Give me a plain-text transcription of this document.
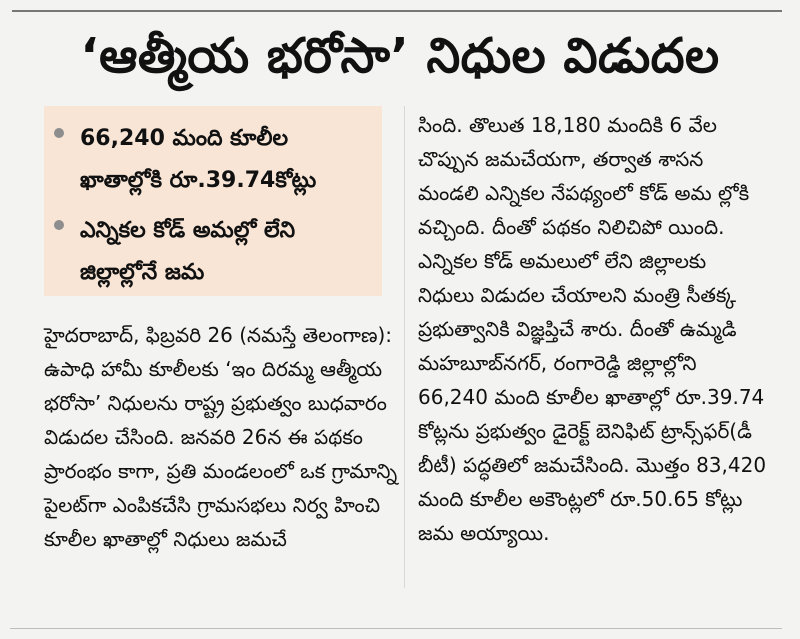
‘ఆత్మీయ భరోసా’ నిధుల విడుదల
66,240 మంది కూలీల ఖాతాల్లోకి రూ.39.74కోట్లు
ఎన్నికల కోడ్ అమల్లో లేని జిల్లాల్లోనే జమ
హైదరాబాద్, ఫిబ్రవరి 26 (నమస్తే తెలంగాణ): ఉపాధి హామీ కూలీలకు ‘ఇం దిరమ్మ ఆత్మీయ భరోసా’ నిధులను రాష్ట్ర ప్రభుత్వం బుధవారం విడుదల చేసింది. జనవరి 26న ఈ పథకం ప్రారంభం కాగా, ప్రతి మండలంలో ఒక గ్రామాన్ని పైలట్‌గా ఎంపికచేసి గ్రామసభలు నిర్వ హించి కూలీల ఖాతాల్లో నిధులు జమచే
సింది. తొలుత 18,180 మందికి 6 వేల చొప్పున జమచేయగా, తర్వాత శాసన మండలి ఎన్నికల నేపథ్యంలో కోడ్ అమ ల్లోకి వచ్చింది. దీంతో పథకం నిలిచిపో యింది. ఎన్నికల కోడ్ అమలులో లేని జిల్లాలకు నిధులు విడుదల చేయాలని మంత్రి సీతక్క ప్రభుత్వానికి విజ్ఞప్తిచే శారు. దీంతో ఉమ్మడి మహబూబ్‌నగర్, రంగారెడ్డి జిల్లాల్లోని 66,240 మంది కూలీల ఖాతాల్లో రూ.39.74 కోట్లను ప్రభుత్వం డైరెక్ట్ బెనిఫిట్ ట్రాన్స్‌ఫర్(డీ బీటీ) పద్ధతిలో జమచేసింది. మొత్తం 83,420 మంది కూలీల అకౌంట్లలో రూ.50.65 కోట్లు జమ అయ్యాయి.
